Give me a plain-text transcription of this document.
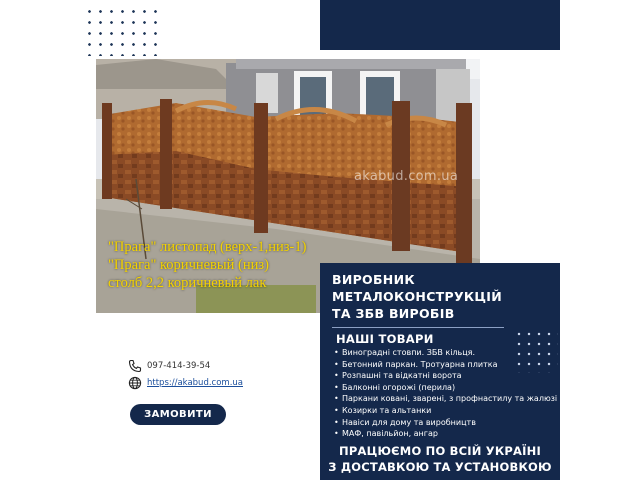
akabud.com.ua
"Прага" листопад (верх-1,низ-1)
"Прага" коричневый (низ)
столб 2,2 коричневый лак	ВИРОБНИК
МЕТАЛОКОНСТРУКЦІЙ
ТА ЗБВ ВИРОБІВ
НАШІ ТОВАРИ
• Виноградні стовпи. ЗБВ кільця.
• Бетонний паркан. Тротуарна плитка
• Розпашні та відкатні ворота
• Балконні огорожі (перила)
• Паркани ковані, зварені, з профнастилу та жалюзі
• Козирки та альтанки
• Навіси для дому та виробництв
• МАФ, павільйон, ангар
ПРАЦЮЄМО ПО ВСІЙ УКРАЇНІ
З ДОСТАВКОЮ ТА УСТАНОВКОЮ
097-414-39-54
https://akabud.com.ua
ЗАМОВИТИ
